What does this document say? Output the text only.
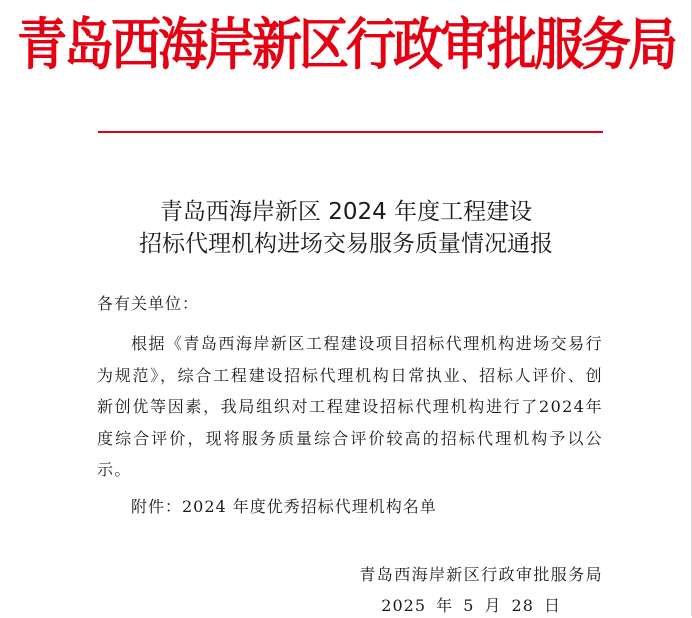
青岛西海岸新区行政审批服务局
青岛西海岸新区 2024 年度工程建设
招标代理机构进场交易服务质量情况通报
各有关单位：

根据《青岛西海岸新区工程建设项目招标代理机构进场交易行为规范》，综合工程建设招标代理机构日常执业、招标人评价、创新创优等因素，我局组织对工程建设招标代理机构进行了2024年度综合评价，现将服务质量综合评价较高的招标代理机构予以公示。

附件：2024 年度优秀招标代理机构名单
青岛西海岸新区行政审批服务局
2025 年 5 月 28 日
